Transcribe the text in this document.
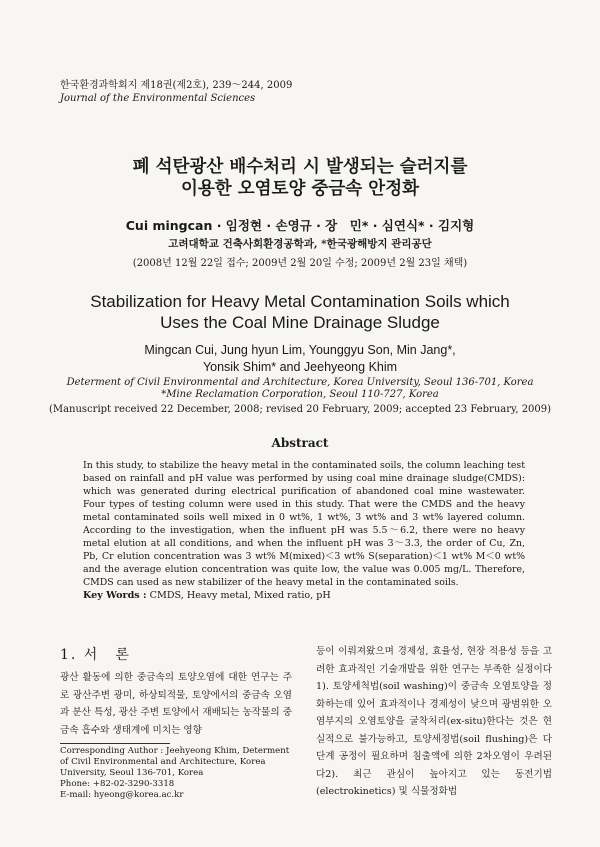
한국환경과학회지 제18권(제2호), 239～244, 2009
Journal of the Environmental Sciences
폐 석탄광산 배수처리 시 발생되는 슬러지를
이용한 오염토양 중금속 안정화
Cui mingcan · 임정현 · 손영규 · 장　민* · 심연식* · 김지형
고려대학교 건축사회환경공학과, *한국광해방지 관리공단
(2008년 12월 22일 접수; 2009년 2월 20일 수정; 2009년 2월 23일 채택)
Stabilization for Heavy Metal Contamination Soils which
Uses the Coal Mine Drainage Sludge
Mingcan Cui, Jung hyun Lim, Younggyu Son, Min Jang*,
Yonsik Shim* and Jeehyeong Khim
Determent of Civil Environmental and Architecture, Korea University, Seoul 136-701, Korea
*Mine Reclamation Corporation, Seoul 110-727, Korea
(Manuscript received 22 December, 2008; revised 20 February, 2009; accepted 23 February, 2009)
Abstract
In this study, to stabilize the heavy metal in the contaminated soils, the column leaching test based on rainfall and pH value was performed by using coal mine drainage sludge(CMDS): which was generated during electrical purification of abandoned coal mine wastewater. Four types of testing column were used in this study. That were the CMDS and the heavy metal contaminated soils well mixed in 0 wt%, 1 wt%, 3 wt% and 3 wt% layered column. According to the investigation, when the influent pH was 5.5～6.2, there were no heavy metal elution at all conditions, and when the influent pH was 3～3.3, the order of Cu, Zn, Pb, Cr elution concentration was 3 wt% M(mixed)＜3 wt% S(separation)＜1 wt% M＜0 wt% and the average elution concentration was quite low, the value was 0.005 mg/L. Therefore, CMDS can used as new stabilizer of the heavy metal in the contaminated soils.
Key Words : CMDS, Heavy metal, Mixed ratio, pH
1. 서　론
광산 활동에 의한 중금속의 토양오염에 대한 연구는 주로 광산주변 광미, 하상퇴적물, 토양에서의 중금속 오염과 분산 특성, 광산 주변 토양에서 재배되는 농작물의 중금속 흡수와 생태계에 미치는 영향
등이 이뤄져왔으며 경제성, 효율성, 현장 적용성 등을 고려한 효과적인 기술개발을 위한 연구는 부족한 실정이다1). 토양세척법(soil washing)이 중금속 오염토양을 정화하는데 있어 효과적이나 경제성이 낮으며 광범위한 오염부지의 오염토양을 굴착처리(ex-situ)한다는 것은 현실적으로 불가능하고, 토양세정법(soil flushing)은 다단계 공정이 필요하며 침출액에 의한 2차오염이 우려된다2). 최근 관심이 높아지고 있는 동전기법(electrokinetics) 및 식물정화법
Corresponding Author : Jeehyeong Khim, Determent of Civil Environmental and Architecture, Korea University, Seoul 136-701, Korea
Phone: +82-02-3290-3318
E-mail: hyeong@korea.ac.kr
